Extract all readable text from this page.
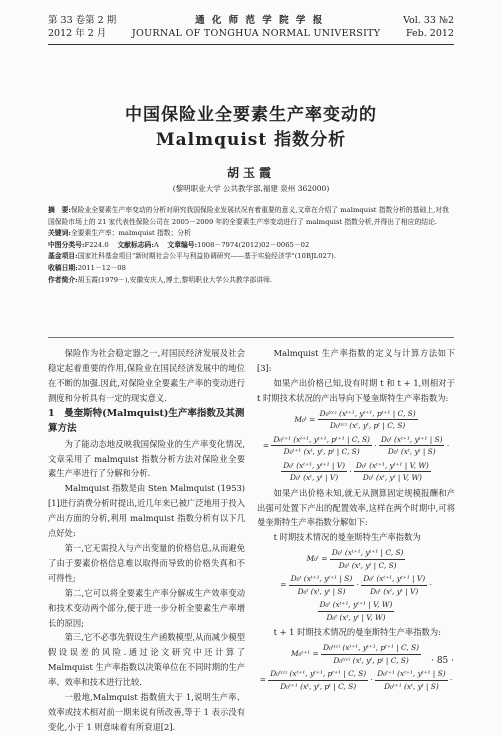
第 33 卷第 2 期	通 化 师 范 学 院 学 报	Vol. 33 №2
2012 年 2 月	JOURNAL OF TONGHUA NORMAL UNIVERSITY	Feb. 2012
中国保险业全要素生产率变动的
Malmquist 指数分析
胡玉霞
(黎明职业大学 公共教学部,福建 泉州 362000)
摘　要:保险业全要素生产率变动的分析对研究我国保险业发展状况有着重要的意义,文章在介绍了 malmquist 指数分析的基础上,对我国保险市场上的 21 家代表性保险公司在 2005－2009 年的全要素生产率变动进行了 malmquist 指数分析,并得出了相应的结论.
关键词:全要素生产率；malmquist 指数；分析
中图分类号:F224.0 文献标志码:A 文章编号:1008－7974(2012)02－0065－02
基金项目:国家社科基金项目"新时期社会公平与利益协调研究——基于实验经济学"(10BJL027).
收稿日期:2011－12－08
作者简介:胡玉霞(1979－),安徽安庆人,博士,黎明职业大学公共教学部讲师.

保险作为社会稳定器之一,对国民经济发展及社会稳定起着重要的作用,保险业在国民经济发展中的地位在不断的加强.因此,对保险业全要素生产率的变动进行测度和分析具有一定的现实意义.

1　曼奎斯特(Malmquist)生产率指数及其测算方法

为了能动态地反映我国保险业的生产率变化情况,文章采用了 malmquist 指数分析方法对保险业全要素生产率进行了分解和分析.

Malmquist 指数是由 Sten Malmquist (1953)[1]进行消费分析时提出,近几年来已被广泛地用于投入产出方面的分析,利用 malmquist 指数分析有以下几点好处:

第一,它无需投入与产出变量的价格信息,从而避免了由于要素价格信息难以取得而导致的价格失真和不可得性;

第二,它可以将全要素生产率分解成生产效率变动和技术变动两个部分,便于进一步分析全要素生产率增长的原因;

第三,它不必事先假设生产函数模型,从而减少模型假设误差的风险.通过论文研究中还计算了 Malmquist 生产率指数以决策单位在不同时期的生产率、效率和技术进行比较.

一般地,Malmquist 指数值大于 1,说明生产率、效率或技术相对前一期来说有所改善,等于 1 表示没有变化,小于 1 则意味着有所衰退[2].

Malmquist 生产率指数的定义与计算方法如下[3]:

如果产出价格已知,设有时期 t 和 t + 1,则相对于 t 时期技术状况的产出导向下曼奎斯特生产率指数为:

M₀ᵗ = $\frac{\text{D₀ᵗ⁽ᶜ⁾ (xᵗ⁺¹, yᵗ⁺¹, pᵗ⁺¹ | C, S)}}{\text{D₀ᵗ⁽ᶜ⁾ (xᵗ, yᵗ, pᵗ | C, S)}}$
= $\frac{\text{D₀ᵗ⁺¹ (xᵗ⁺¹, yᵗ⁺¹, pᵗ⁺¹ | C, S)}}{\text{D₀ᵗ⁺¹ (xᵗ, yᵗ, pᵗ | C, S)}} \cdot \frac{\text{D₀ᵗ (xᵗ⁺¹, yᵗ⁺¹ | S)}}{\text{D₀ᵗ (xᵗ, yᵗ | S)}}$ ·
$\frac{\text{D₀ᵗ (xᵗ⁺¹, yᵗ⁺¹ | V)}}{\text{D₀ᵗ (xᵗ, yᵗ | V)}} \cdot \frac{\text{D₀ᵗ (xᵗ⁺¹, yᵗ⁺¹ | V, W)}}{\text{D₀ᵗ (xᵗ, yᵗ | V, W)}}$

如果产出价格未知,就无从测算固定规模报酬和产出强可处置下产出的配置效率,这样在两个时期中,可将曼奎斯特生产率指数分解如下:

t 时期技术情况的曼奎斯特生产率指数为

M₀ᵗ = $\frac{\text{D₀ᵗ (xᵗ⁺¹, yᵗ⁺¹ | C, S)}}{\text{D₀ᵗ (xᵗ, yᵗ | C, S)}}$
= $\frac{\text{D₀ᵗ (xᵗ⁺¹, yᵗ⁺¹ | S)}}{\text{D₀ᵗ (xᵗ, yᵗ | S)}} \cdot \frac{\text{D₀ᵗ (xᵗ⁺¹, yᵗ⁺¹ | V)}}{\text{D₀ᵗ (xᵗ, yᵗ | V)}}$ ·
$\frac{\text{D₀ᵗ (xᵗ⁺¹, yᵗ⁺¹ | V, W)}}{\text{D₀ᵗ (xᵗ, yᵗ | V, W)}}$

t + 1 时期技术情况的曼奎斯特生产率指数为:

M₀ᵗ⁺¹ = $\frac{\text{D₀ᵗ⁽ᶜ⁾ (xᵗ⁺¹, yᵗ⁺¹, pᵗ⁺¹ | C, S)}}{\text{D₀ᵗ⁽ᶜ⁾ (xᵗ, yᵗ, pᵗ | C, S)}}$
= $\frac{\text{D₀ᵗ⁽ᶜ⁾ (xᵗ⁺¹, yᵗ⁺¹, pᵗ⁺¹ | C, S)}}{\text{D₀ᵗ⁺¹ (xᵗ, yᵗ, pᵗ | C, S)}} \cdot \frac{\text{D₀ᵗ⁺¹ (xᵗ⁺¹, yᵗ⁺¹ | S)}}{\text{D₀ᵗ⁺¹ (xᵗ, yᵗ | S)}}$ ·
· 85 ·
